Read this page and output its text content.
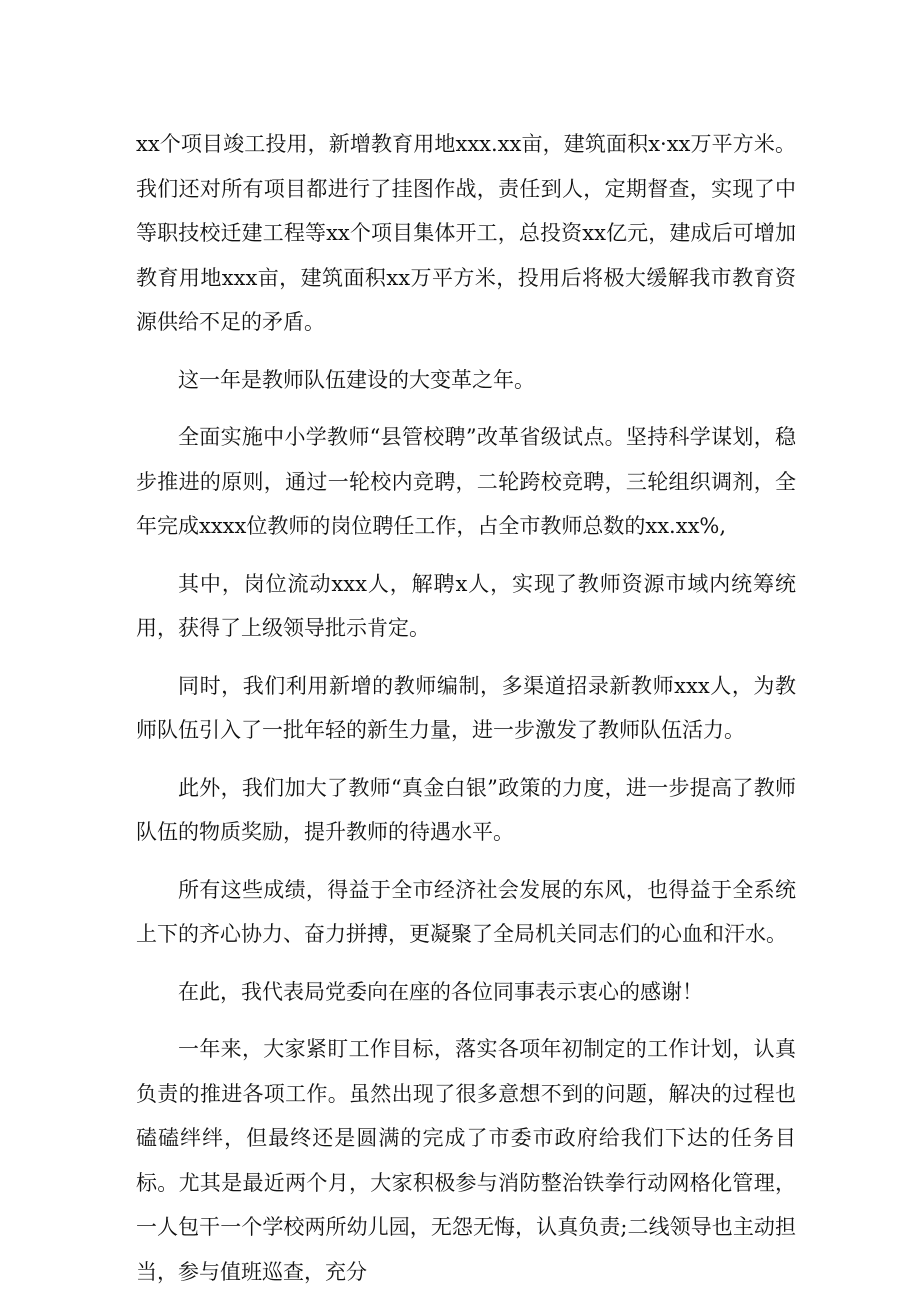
xx个项目竣工投用，新增教育用地xxx.xx亩，建筑面积x·xx万平方米。我们还对所有项目都进行了挂图作战，责任到人，定期督查，实现了中等职技校迁建工程等xx个项目集体开工，总投资xx亿元，建成后可增加教育用地xxx亩，建筑面积xx万平方米，投用后将极大缓解我市教育资源供给不足的矛盾。

这一年是教师队伍建设的大变革之年。

全面实施中小学教师“县管校聘”改革省级试点。坚持科学谋划，稳步推进的原则，通过一轮校内竞聘，二轮跨校竞聘，三轮组织调剂，全年完成xxxx位教师的岗位聘任工作，占全市教师总数的xx.xx%,

其中，岗位流动xxx人，解聘x人，实现了教师资源市域内统筹统用，获得了上级领导批示肯定。

同时，我们利用新增的教师编制，多渠道招录新教师xxx人，为教师队伍引入了一批年轻的新生力量，进一步激发了教师队伍活力。

此外，我们加大了教师“真金白银”政策的力度，进一步提高了教师队伍的物质奖励，提升教师的待遇水平。

所有这些成绩，得益于全市经济社会发展的东风，也得益于全系统上下的齐心协力、奋力拼搏，更凝聚了全局机关同志们的心血和汗水。

在此，我代表局党委向在座的各位同事表示衷心的感谢！

一年来，大家紧盯工作目标，落实各项年初制定的工作计划，认真负责的推进各项工作。虽然出现了很多意想不到的问题，解决的过程也磕磕绊绊，但最终还是圆满的完成了市委市政府给我们下达的任务目标。尤其是最近两个月，大家积极参与消防整治铁拳行动网格化管理，一人包干一个学校两所幼儿园，无怨无悔，认真负责;二线领导也主动担当，参与值班巡查，充分
